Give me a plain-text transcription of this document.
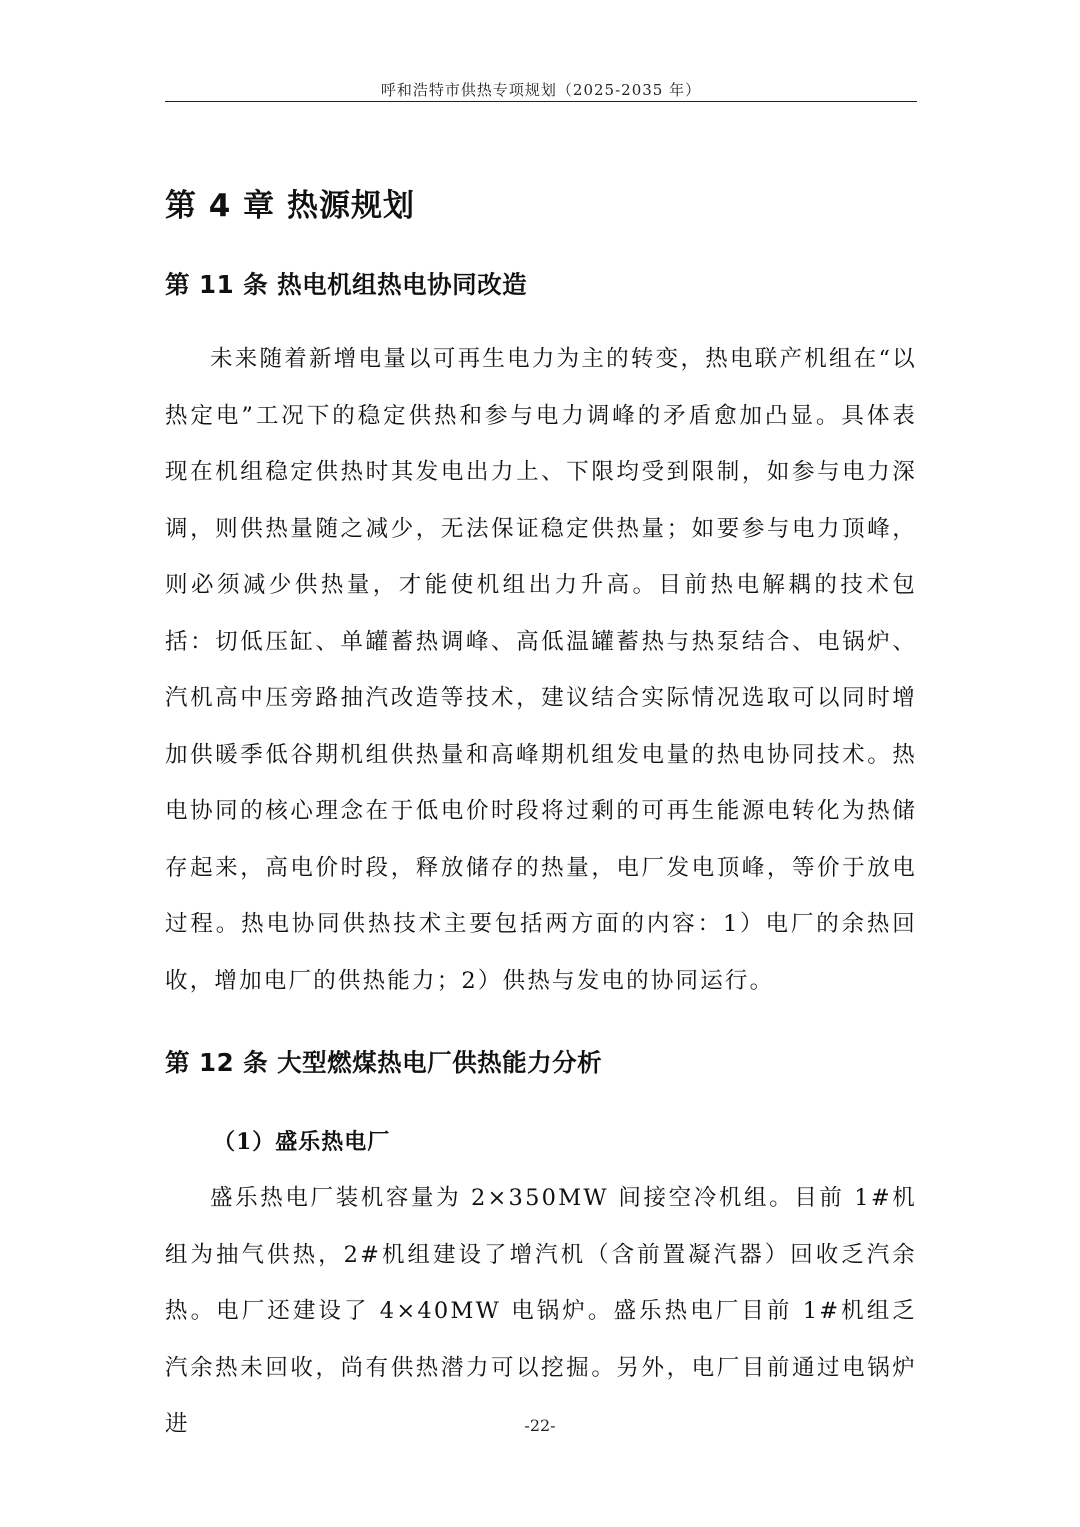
呼和浩特市供热专项规划（2025-2035 年）
第 4 章 热源规划
第 11 条 热电机组热电协同改造

未来随着新增电量以可再生电力为主的转变，热电联产机组在“以热定电”工况下的稳定供热和参与电力调峰的矛盾愈加凸显。具体表现在机组稳定供热时其发电出力上、下限均受到限制，如参与电力深调，则供热量随之减少，无法保证稳定供热量；如要参与电力顶峰，则必须减少供热量，才能使机组出力升高。目前热电解耦的技术包括：切低压缸、单罐蓄热调峰、高低温罐蓄热与热泵结合、电锅炉、汽机高中压旁路抽汽改造等技术，建议结合实际情况选取可以同时增加供暖季低谷期机组供热量和高峰期机组发电量的热电协同技术。热电协同的核心理念在于低电价时段将过剩的可再生能源电转化为热储存起来，高电价时段，释放储存的热量，电厂发电顶峰，等价于放电过程。热电协同供热技术主要包括两方面的内容：1）电厂的余热回收，增加电厂的供热能力；2）供热与发电的协同运行。

第 12 条 大型燃煤热电厂供热能力分析
（1）盛乐热电厂

盛乐热电厂装机容量为 2×350MW 间接空冷机组。目前 1#机组为抽气供热，2#机组建设了增汽机（含前置凝汽器）回收乏汽余热。电厂还建设了 4×40MW 电锅炉。盛乐热电厂目前 1#机组乏汽余热未回收，尚有供热潜力可以挖掘。另外，电厂目前通过电锅炉进	-22-
